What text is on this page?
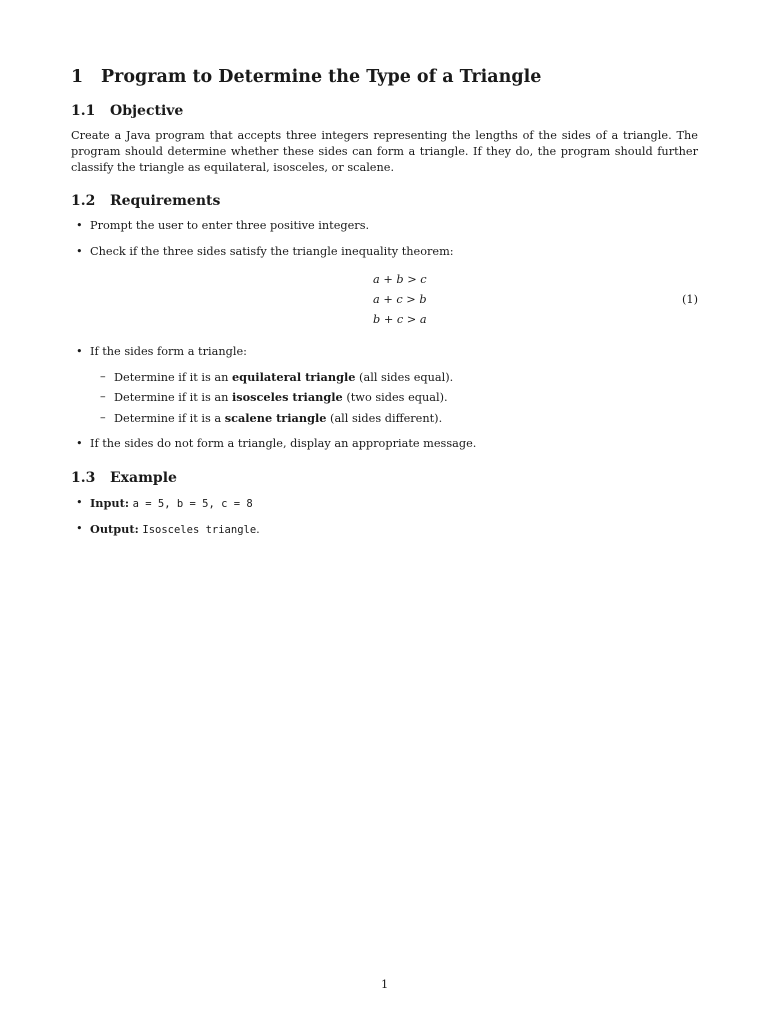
1 Program to Determine the Type of a Triangle
1.1 Objective
Create a Java program that accepts three integers representing the lengths of the sides of a triangle. The program should determine whether these sides can form a triangle. If they do, the program should further classify the triangle as equilateral, isosceles, or scalene.
1.2 Requirements
• Prompt the user to enter three positive integers.
• Check if the three sides satisfy the triangle inequality theorem:
a + b > c
a + c > b
b + c > a
(1)
• If the sides form a triangle:
– Determine if it is an equilateral triangle (all sides equal).
– Determine if it is an isosceles triangle (two sides equal).
– Determine if it is a scalene triangle (all sides different).
• If the sides do not form a triangle, display an appropriate message.
1.3 Example
• Input: a = 5, b = 5, c = 8
• Output: Isosceles triangle.
1
